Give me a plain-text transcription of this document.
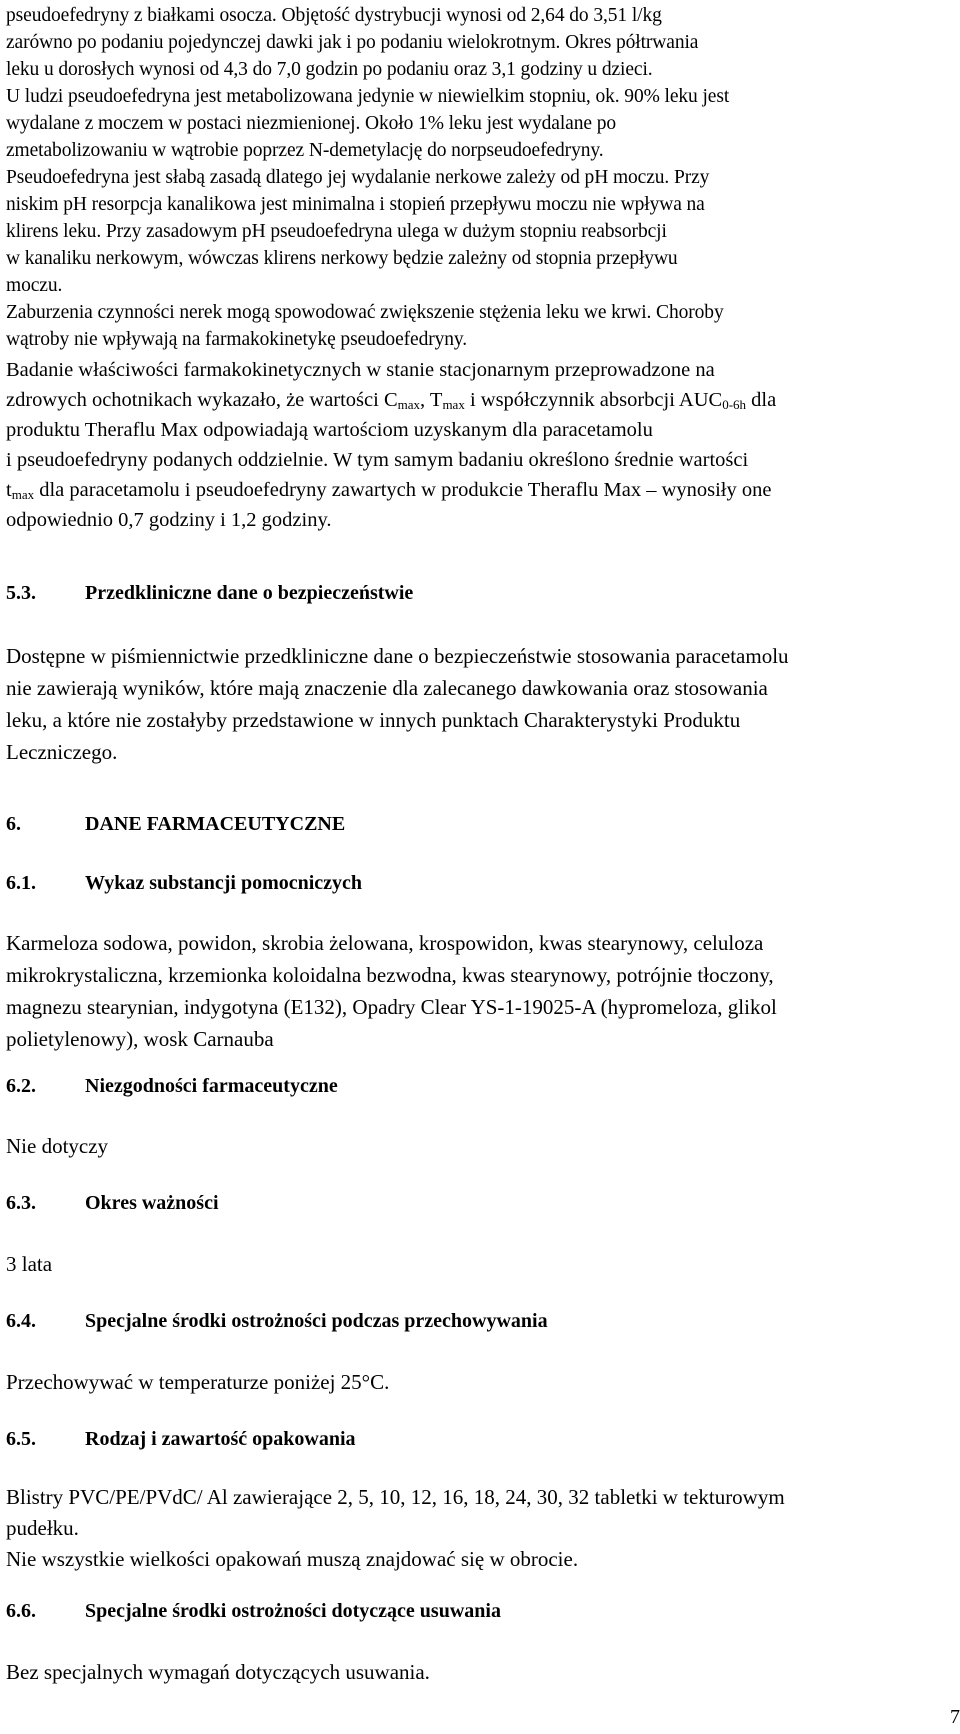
pseudoefedryny z białkami osocza. Objętość dystrybucji wynosi od 2,64 do 3,51 l/kg
zarówno po podaniu pojedynczej dawki jak i po podaniu wielokrotnym. Okres półtrwania
leku u dorosłych wynosi od 4,3 do 7,0 godzin po podaniu oraz 3,1 godziny u dzieci.
U ludzi pseudoefedryna jest metabolizowana jedynie w niewielkim stopniu, ok. 90% leku jest
wydalane z moczem w postaci niezmienionej. Około 1% leku jest wydalane po
zmetabolizowaniu w wątrobie poprzez N-demetylację do norpseudoefedryny.
Pseudoefedryna jest słabą zasadą dlatego jej wydalanie nerkowe zależy od pH moczu. Przy
niskim pH resorpcja kanalikowa jest minimalna i stopień przepływu moczu nie wpływa na
klirens leku. Przy zasadowym pH pseudoefedryna ulega w dużym stopniu reabsorbcji
w kanaliku nerkowym, wówczas klirens nerkowy będzie zależny od stopnia przepływu
moczu.
Zaburzenia czynności nerek mogą spowodować zwiększenie stężenia leku we krwi. Choroby
wątroby nie wpływają na farmakokinetykę pseudoefedryny.
Badanie właściwości farmakokinetycznych w stanie stacjonarnym przeprowadzone na
zdrowych ochotnikach wykazało, że wartości $C_{max}$, $T_{max}$ i współczynnik absorbcji $AUC_{0-6h}$ dla
produktu Theraflu Max odpowiadają wartościom uzyskanym dla paracetamolu
i pseudoefedryny podanych oddzielnie. W tym samym badaniu określono średnie wartości
$t_{max}$ dla paracetamolu i pseudoefedryny zawartych w produkcie Theraflu Max – wynosiły one
odpowiednio 0,7 godziny i 1,2 godziny.
5.3. Przedkliniczne dane o bezpieczeństwie
Dostępne w piśmiennictwie przedkliniczne dane o bezpieczeństwie stosowania paracetamolu
nie zawierają wyników, które mają znaczenie dla zalecanego dawkowania oraz stosowania
leku, a które nie zostałyby przedstawione w innych punktach Charakterystyki Produktu
Leczniczego.
6.	DANE FARMACEUTYCZNE
6.1. Wykaz substancji pomocniczych
Karmeloza sodowa, powidon, skrobia żelowana, krospowidon, kwas stearynowy, celuloza
mikrokrystaliczna, krzemionka koloidalna bezwodna, kwas stearynowy, potrójnie tłoczony,
magnezu stearynian, indygotyna (E132), Opadry Clear YS-1-19025-A (hypromeloza, glikol
polietylenowy), wosk Carnauba
6.2. Niezgodności farmaceutyczne
Nie dotyczy
6.3. Okres ważności
3 lata
6.4. Specjalne środki ostrożności podczas przechowywania
Przechowywać w temperaturze poniżej 25°C.
6.5. Rodzaj i zawartość opakowania
Blistry PVC/PE/PVdC/ Al zawierające 2, 5, 10, 12, 16, 18, 24, 30, 32 tabletki w tekturowym
pudełku.
Nie wszystkie wielkości opakowań muszą znajdować się w obrocie.
6.6. Specjalne środki ostrożności dotyczące usuwania
Bez specjalnych wymagań dotyczących usuwania.
7
